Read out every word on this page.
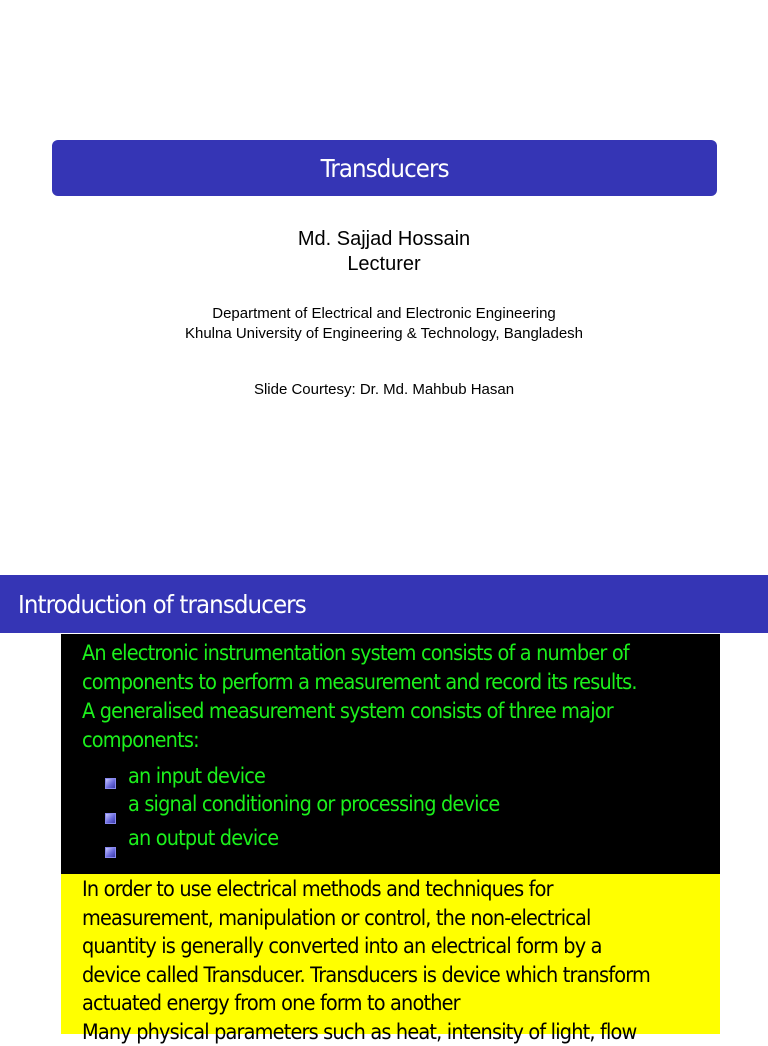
Transducers
Md. Sajjad Hossain
Lecturer
Department of Electrical and Electronic Engineering
Khulna University of Engineering & Technology, Bangladesh
Slide Courtesy: Dr. Md. Mahbub Hasan
Introduction of transducers
An electronic instrumentation system consists of a number of
components to perform a measurement and record its results.
A generalised measurement system consists of three major
components:
an input device
a signal conditioning or processing device
an output device
In order to use electrical methods and techniques for
measurement, manipulation or control, the non-electrical
quantity is generally converted into an electrical form by a
device called Transducer. Transducers is device which transform
actuated energy from one form to another
Many physical parameters such as heat, intensity of light, flow
